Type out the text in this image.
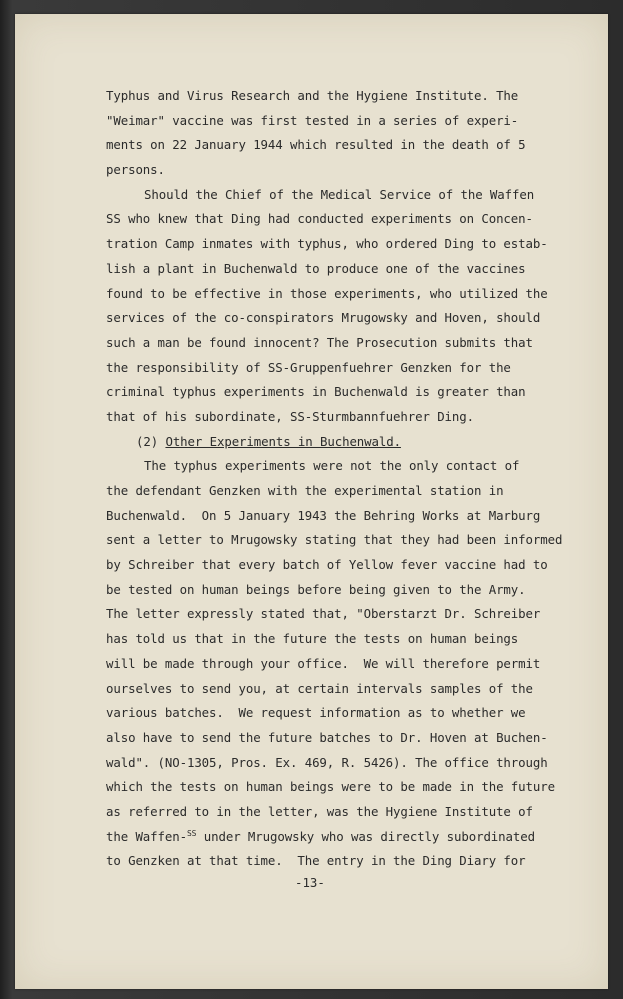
Typhus and Virus Research and the Hygiene Institute. The
"Weimar" vaccine was first tested in a series of experi-
ments on 22 January 1944 which resulted in the death of 5
persons.
Should the Chief of the Medical Service of the Waffen
SS who knew that Ding had conducted experiments on Concen-
tration Camp inmates with typhus, who ordered Ding to estab-
lish a plant in Buchenwald to produce one of the vaccines
found to be effective in those experiments, who utilized the
services of the co-conspirators Mrugowsky and Hoven, should
such a man be found innocent? The Prosecution submits that
the responsibility of SS-Gruppenfuehrer Genzken for the
criminal typhus experiments in Buchenwald is greater than
that of his subordinate, SS-Sturmbannfuehrer Ding.
(2) Other Experiments in Buchenwald.
The typhus experiments were not the only contact of
the defendant Genzken with the experimental station in
Buchenwald.  On 5 January 1943 the Behring Works at Marburg
sent a letter to Mrugowsky stating that they had been informed
by Schreiber that every batch of Yellow fever vaccine had to
be tested on human beings before being given to the Army.
The letter expressly stated that, "Oberstarzt Dr. Schreiber
has told us that in the future the tests on human beings
will be made through your office.  We will therefore permit
ourselves to send you, at certain intervals samples of the
various batches.  We request information as to whether we
also have to send the future batches to Dr. Hoven at Buchen-
wald". (NO-1305, Pros. Ex. 469, R. 5426). The office through
which the tests on human beings were to be made in the future
as referred to in the letter, was the Hygiene Institute of
the Waffen-$^{SS}$ under Mrugowsky who was directly subordinated
to Genzken at that time.  The entry in the Ding Diary for
-13-
